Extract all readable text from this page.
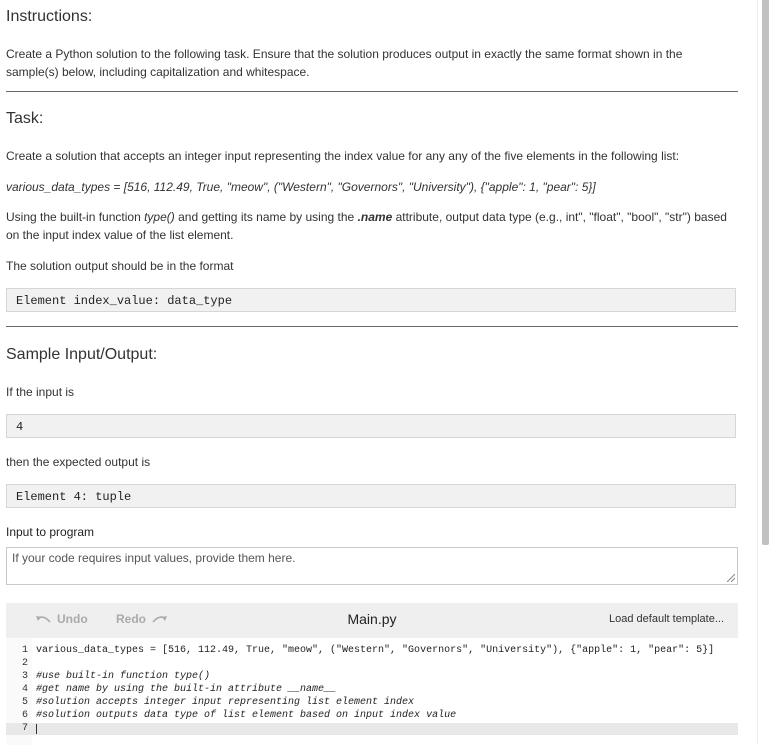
Instructions:
Create a Python solution to the following task. Ensure that the solution produces output in exactly the same format shown in the sample(s) below, including capitalization and whitespace.
Task:
Create a solution that accepts an integer input representing the index value for any any of the five elements in the following list:
various_data_types = [516, 112.49, True, "meow", ("Western", "Governors", "University"), {"apple": 1, "pear": 5}]
Using the built-in function type() and getting its name by using the .name attribute, output data type (e.g., int", "float", "bool", "str") based on the input index value of the list element.
The solution output should be in the format
Element index_value: data_type
Sample Input/Output:
If the input is
4
then the expected output is
Element 4: tuple
Input to program
If your code requires input values, provide them here.
Undo Redo	Main.py	Load default template...
1 various_data_types = [516, 112.49, True, "meow", ("Western", "Governors", "University"), {"apple": 1, "pear": 5}]
2
3 #use built-in function type()
4 #get name by using the built-in attribute __name__
5 #solution accepts integer input representing list element index
6 #solution outputs data type of list element based on input index value
7
